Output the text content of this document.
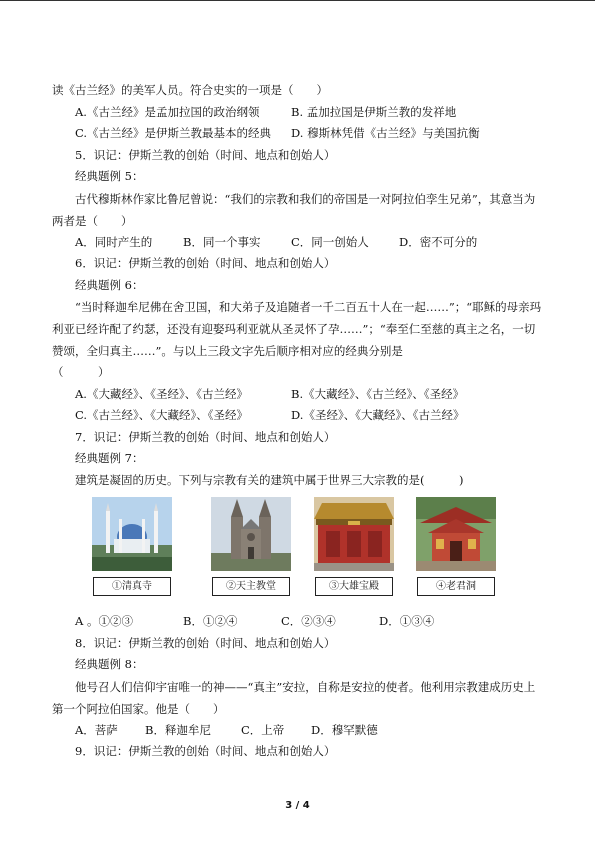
读《古兰经》的美军人员。符合史实的一项是（　　）

A.《古兰经》是孟加拉国的政治纲领	B. 孟加拉国是伊斯兰教的发祥地
C.《古兰经》是伊斯兰教最基本的经典	D. 穆斯林凭借《古兰经》与美国抗衡

5．识记：伊斯兰教的创始（时间、地点和创始人）

经典题例 5：

古代穆斯林作家比鲁尼曾说：“我们的宗教和我们的帝国是一对阿拉伯孪生兄弟”，其意当为两者是（　　）

A．同时产生的	B．同一个事实	C．同一创始人	D．密不可分的

6．识记：伊斯兰教的创始（时间、地点和创始人）

经典题例 6：

“当时释迦牟尼佛在舍卫国，和大弟子及追随者一千二百五十人在一起……”；“耶稣的母亲玛利亚已经许配了约瑟，还没有迎娶玛利亚就从圣灵怀了孕……”；“奉至仁至慈的真主之名，一切赞颂，全归真主……”。与以上三段文字先后顺序相对应的经典分别是

（　　　）

A.《大藏经》、《圣经》、《古兰经》	B.《大藏经》、《古兰经》、《圣经》
C.《古兰经》、《大藏经》、《圣经》	D.《圣经》、《大藏经》、《古兰经》

7．识记：伊斯兰教的创始（时间、地点和创始人）

经典题例 7：

建筑是凝固的历史。下列与宗教有关的建筑中属于世界三大宗教的是(　　　)

①清真寺	②天主教堂	③大雄宝殿	④老君洞
A 。①②③	B．①②④	C．②③④	D．①③④

8．识记：伊斯兰教的创始（时间、地点和创始人）

经典题例 8：

他号召人们信仰宇宙唯一的神——“真主”安拉，自称是安拉的使者。他利用宗教建成历史上第一个阿拉伯国家。他是（　　）

A．菩萨	B．释迦牟尼	C．上帝	D．穆罕默德

9．识记：伊斯兰教的创始（时间、地点和创始人）

3 / 4
